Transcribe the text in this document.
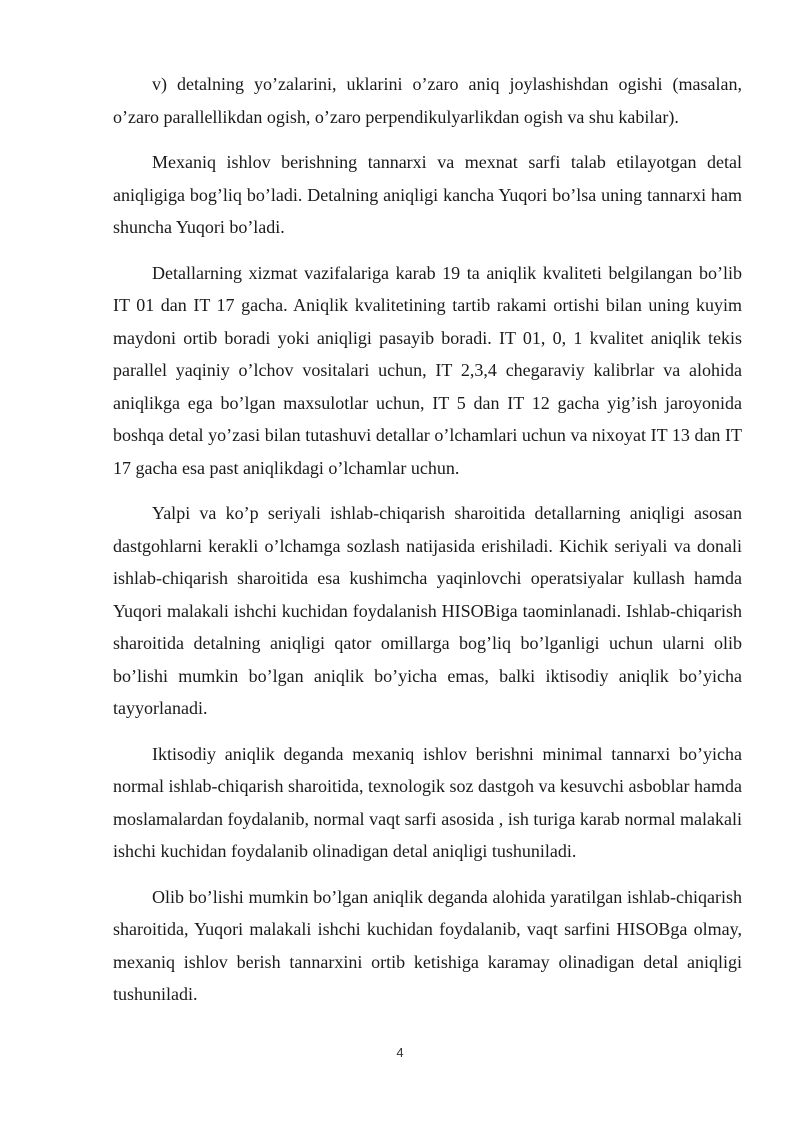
v) detalning yo’zalarini, uklarini o’zaro aniq joylashishdan ogishi (masalan, o’zaro parallellikdan ogish, o’zaro perpendikulyarlikdan ogish va shu kabilar).

Mexaniq ishlov berishning tannarxi va mexnat sarfi talab etilayotgan detal aniqligiga bog’liq bo’ladi. Detalning aniqligi kancha Yuqori bo’lsa uning tannarxi ham shuncha Yuqori bo’ladi.

Detallarning xizmat vazifalariga karab 19 ta aniqlik kvaliteti belgilangan bo’lib IT 01 dan IT 17 gacha. Aniqlik kvalitetining tartib rakami ortishi bilan uning kuyim maydoni ortib boradi yoki aniqligi pasayib boradi. IT 01, 0, 1 kvalitet aniqlik tekis parallel yaqiniy o’lchov vositalari uchun, IT 2,3,4 chegaraviy kalibrlar va alohida aniqlikga ega bo’lgan maxsulotlar uchun, IT 5 dan IT 12 gacha yig’ish jaroyonida boshqa detal yo’zasi bilan tutashuvi detallar o’lchamlari uchun va nixoyat IT 13 dan IT 17 gacha esa past aniqlikdagi o’lchamlar uchun.

Yalpi va ko’p seriyali ishlab-chiqarish sharoitida detallarning aniqligi asosan dastgohlarni kerakli o’lchamga sozlash natijasida erishiladi. Kichik seriyali va donali ishlab-chiqarish sharoitida esa kushimcha yaqinlovchi operatsiyalar kullash hamda Yuqori malakali ishchi kuchidan foydalanish HISOBiga taominlanadi. Ishlab-chiqarish sharoitida detalning aniqligi qator omillarga bog’liq bo’lganligi uchun ularni olib bo’lishi mumkin bo’lgan aniqlik bo’yicha emas, balki iktisodiy aniqlik bo’yicha tayyorlanadi.

Iktisodiy aniqlik deganda mexaniq ishlov berishni minimal tannarxi bo’yicha normal ishlab-chiqarish sharoitida, texnologik soz dastgoh va kesuvchi asboblar hamda moslamalardan foydalanib, normal vaqt sarfi asosida , ish turiga karab normal malakali ishchi kuchidan foydalanib olinadigan detal aniqligi tushuniladi.

Olib bo’lishi mumkin bo’lgan aniqlik deganda alohida yaratilgan ishlab-chiqarish sharoitida, Yuqori malakali ishchi kuchidan foydalanib, vaqt sarfini HISOBga olmay, mexaniq ishlov berish tannarxini ortib ketishiga karamay olinadigan detal aniqligi tushuniladi.

4
